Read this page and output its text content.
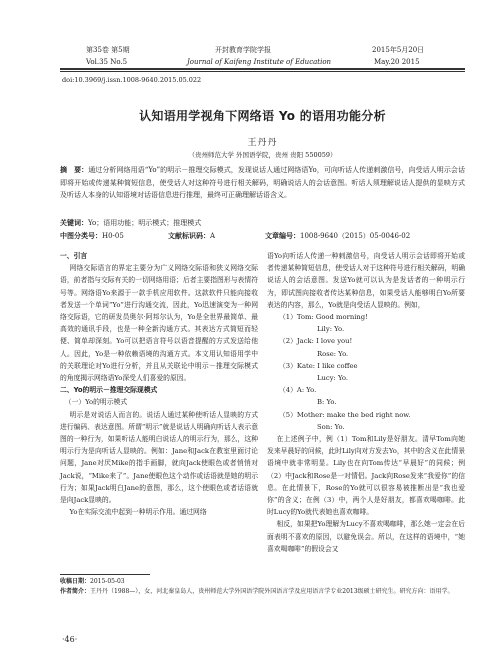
第35卷 第5期	开封教育学院学报	2015年5月20日
Vol.35 No.5	Journal of Kaifeng Institute of Education	May.20 2015
doi:10.3969/j.issn.1008-9640.2015.05.022
认知语用学视角下网络语 Yo 的语用功能分析
王丹丹
（贵州师范大学 外国语学院，贵州 贵阳 550059）
摘　要：通过分析网络用语“Yo”的明示－推理交际模式，发现说话人通过网络语Yo，可向听话人传递刺激信号，向受话人明示会话即将开始或传递某种简短信息，使受话人对这种符号进行相关解码，明确说话人的会话意图。听话人须理解说话人提供的显映方式及听话人本身的认知语境对话语信息进行推理，最终可正确理解话语含义。
关键词：Yo；语用功能；明示模式；推理模式
中图分类号：H0-05	文献标识码：A	文章编号：1008-9640（2015）05-0046-02

一、引言

网络交际语言的界定主要分为广义网络交际语和狭义网络交际语，前者指与交际有关的一切网络用语；后者主要指图形与表情符号等。网络语Yo来源于一款手机应用软件。这款软件只能向接收者发送一个单词“Yo”进行沟通交流，因此，Yo迅速演变为一种网络交际语，它的研发员奥尔·阿邦尔认为，Yo是全世界最简单、最高效的通讯手段，也是一种全新沟通方式。其表达方式简短而轻便、简单却深刻。Yo可以把语言符号以语音提醒的方式发送给他人。因此，Yo是一种依赖语境的沟通方式。本文用认知语用学中的关联理论对Yo进行分析，并且从关联论中明示－推理交际模式的角度揭示网络语Yo深受人们喜爱的原因。

二、Yo的明示－推理交际现模式

（一）Yo的明示模式

明示是对说话人而言的。说话人通过某种使听话人显映的方式进行编码、表达意图。所谓“明示”就是说话人明确向听话人表示意图的一种行为，如果听话人能明白说话人的明示行为，那么，这种明示行为是向听话人显映的。例如：Jane和Jack在教室里面讨论问题，Jane对厌Mike的指手画脚，就向Jack使眼色或者悄悄对Jack说，“Mike来了”。Jane使眼色这个动作或话语就是她的明示行为；如果Jack明白Jane的意图，那么，这个使眼色或者话语就是向Jack显映的。

Yo在实际交流中起到一种明示作用。通过网络

语Yo向听话人传递一种刺激信号，向受话人明示会话即将开始或者传递某种简短信息，使受话人对于这种符号进行相关解码，明确说话人的会话意图。发送Yo就可以认为是发话者的一种明示行为，即试图向接收者传达某种信息，如果受话人能够明白Yo所要表达的内容，那么，Yo就是向受话人显映的。例如，

（1）Tom: Good morning!

Lily: Yo.

（2）Jack: I love you!

Rose: Yo.

（3）Kate: I like coffee

Lucy: Yo.

（4）A: Yo.

B: Yo.

（5）Mother: make the bed right now.

Son: Yo.

在上述例子中，例（1）Tom和Lily是好朋友。清早Tom向她发来早晨好的问候，此时Lily向对方发去Yo，其中的含义在此情景语境中就非常明显。Lily也在向Tom传达“早晨好”的同候；例（2）中Jack和Rose是一对情侣。Jack向Rose发来“我爱你”的信息。在此情景下，Rose的Yo就可以很容易被推断出是“我也爱你”的含义；在例（3）中，两个人是好朋友，都喜欢喝咖啡。此时Lucy的Yo就代表她也喜欢咖啡。

相反，如果把Yo理解为Lucy不喜欢喝咖啡，那么她一定会在后面表明不喜欢的原因，以避免误会。所以，在这样的语境中，“她喜欢喝咖啡”的假设会又

收稿日期：2015-05-03
作者简介：王丹丹（1988—），女，河北秦皇岛人，贵州师范大学外国语学院外国语言学及应用语言学专业2013级硕士研究生。研究方向：语用学。
·46·
